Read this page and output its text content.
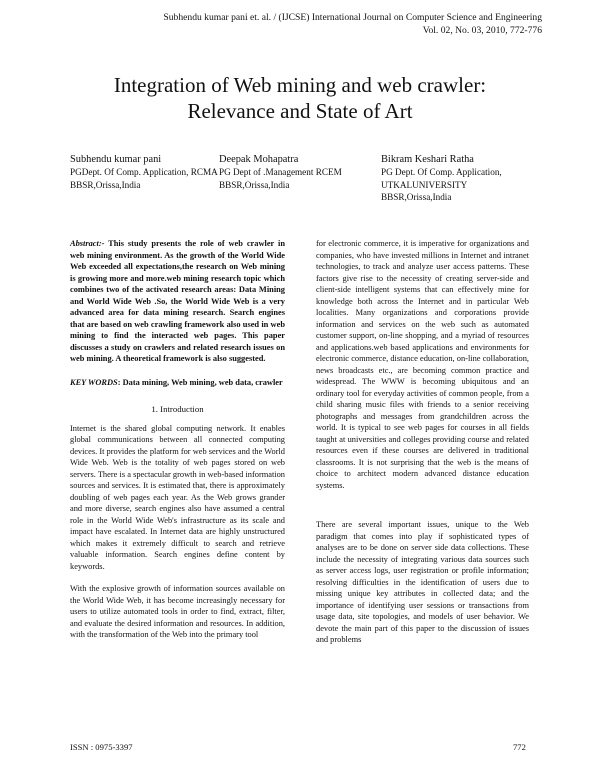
Subhendu kumar pani et. al. / (IJCSE) International Journal on Computer Science and Engineering
Vol. 02, No. 03, 2010, 772-776
Integration of Web mining and web crawler:
Relevance and State of Art
Subhendu kumar pani
PGDept. Of Comp. Application, RCMA
BBSR,Orissa,India
Deepak Mohapatra
PG Dept of .Management RCEM
BBSR,Orissa,India
Bikram Keshari Ratha
PG Dept. Of Comp. Application, UTKALUNIVERSITY
BBSR,Orissa,India

Abstract:- This study presents the role of web crawler in web mining environment. As the growth of the World Wide Web exceeded all expectations,the research on Web mining is growing more and more.web mining research topic which combines two of the activated research areas: Data Mining and World Wide Web .So, the World Wide Web is a very advanced area for data mining research. Search engines that are based on web crawling framework also used in web mining to find the interacted web pages. This paper discusses a study on crawlers and related research issues on web mining. A theoretical framework is also suggested.

KEY WORDS: Data mining, Web mining, web data, crawler

1. Introduction

Internet is the shared global computing network. It enables global communications between all connected computing devices. It provides the platform for web services and the World Wide Web. Web is the totality of web pages stored on web servers. There is a spectacular growth in web-based information sources and services. It is estimated that, there is approximately doubling of web pages each year. As the Web grows grander and more diverse, search engines also have assumed a central role in the World Wide Web's infrastructure as its scale and impact have escalated. In Internet data are highly unstructured which makes it extremely difficult to search and retrieve valuable information. Search engines define content by keywords.

With the explosive growth of information sources available on the World Wide Web, it has become increasingly necessary for users to utilize automated tools in order to find, extract, filter, and evaluate the desired information and resources. In addition, with the transformation of the Web into the primary tool

for electronic commerce, it is imperative for organizations and companies, who have invested millions in Internet and intranet technologies, to track and analyze user access patterns. These factors give rise to the necessity of creating server-side and client-side intelligent systems that can effectively mine for knowledge both across the Internet and in particular Web localities. Many organizations and corporations provide information and services on the web such as automated customer support, on-line shopping, and a myriad of resources and applications.web based applications and environments for electronic commerce, distance education, on-line collaboration, news broadcasts etc., are becoming common practice and widespread. The WWW is becoming ubiquitous and an ordinary tool for everyday activities of common people, from a child sharing music files with friends to a senior receiving photographs and messages from grandchildren across the world. It is typical to see web pages for courses in all fields taught at universities and colleges providing course and related resources even if these courses are delivered in traditional classrooms. It is not surprising that the web is the means of choice to architect modern advanced distance education systems.

There are several important issues, unique to the Web paradigm that comes into play if sophisticated types of analyses are to be done on server side data collections. These include the necessity of integrating various data sources such as server access logs, user registration or profile information; resolving difficulties in the identification of users due to missing unique key attributes in collected data; and the importance of identifying user sessions or transactions from usage data, site topologies, and models of user behavior. We devote the main part of this paper to the discussion of issues and problems

ISSN : 0975-3397	772
